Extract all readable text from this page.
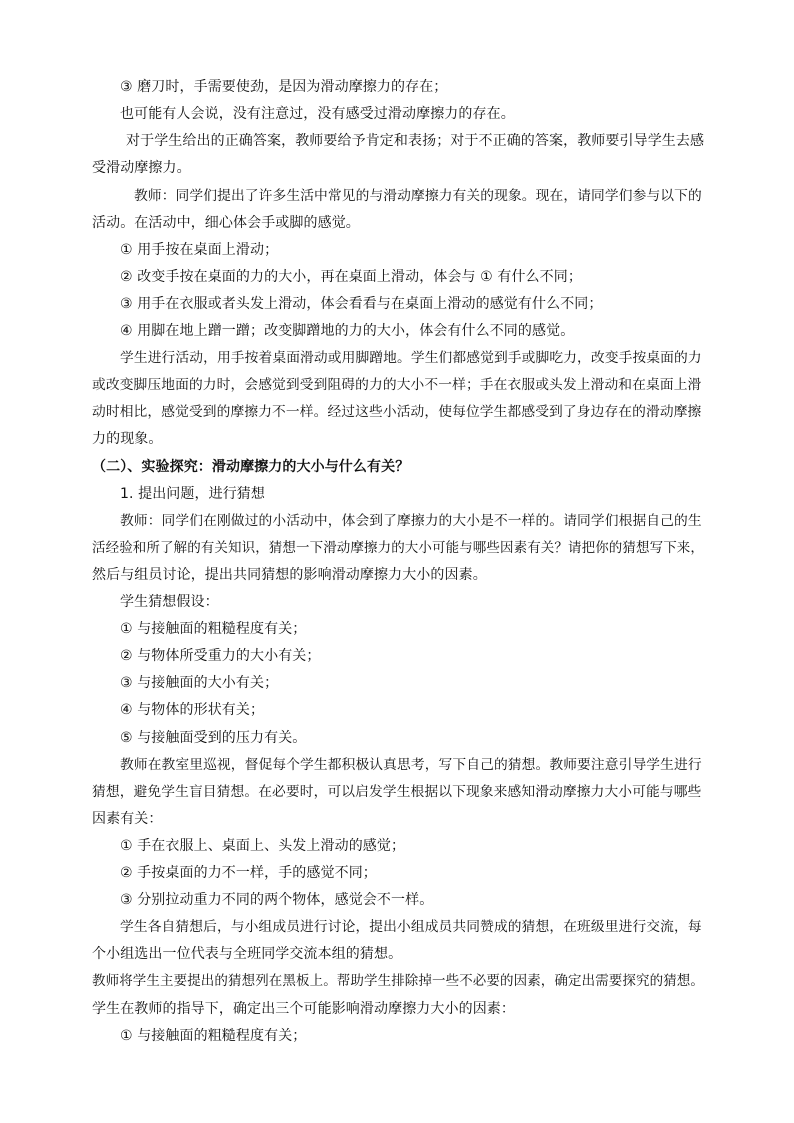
③ 磨刀时，手需要使劲，是因为滑动摩擦力的存在；
也可能有人会说，没有注意过，没有感受过滑动摩擦力的存在。
对于学生给出的正确答案，教师要给予肯定和表扬；对于不正确的答案，教师要引导学生去感
受滑动摩擦力。
教师：同学们提出了许多生活中常见的与滑动摩擦力有关的现象。现在，请同学们参与以下的
活动。在活动中，细心体会手或脚的感觉。
① 用手按在桌面上滑动；
② 改变手按在桌面的力的大小，再在桌面上滑动，体会与 ① 有什么不同；
③ 用手在衣服或者头发上滑动，体会看看与在桌面上滑动的感觉有什么不同；
④ 用脚在地上蹭一蹭；改变脚蹭地的力的大小，体会有什么不同的感觉。
学生进行活动，用手按着桌面滑动或用脚蹭地。学生们都感觉到手或脚吃力，改变手按桌面的力
或改变脚压地面的力时，会感觉到受到阻碍的力的大小不一样；手在衣服或头发上滑动和在桌面上滑
动时相比，感觉受到的摩擦力不一样。经过这些小活动，使每位学生都感受到了身边存在的滑动摩擦
力的现象。
（二）、实验探究：滑动摩擦力的大小与什么有关？
1. 提出问题，进行猜想
教师：同学们在刚做过的小活动中，体会到了摩擦力的大小是不一样的。请同学们根据自己的生
活经验和所了解的有关知识，猜想一下滑动摩擦力的大小可能与哪些因素有关？请把你的猜想写下来，
然后与组员讨论，提出共同猜想的影响滑动摩擦力大小的因素。
学生猜想假设：
① 与接触面的粗糙程度有关；
② 与物体所受重力的大小有关；
③ 与接触面的大小有关；
④ 与物体的形状有关；
⑤ 与接触面受到的压力有关。
教师在教室里巡视，督促每个学生都积极认真思考，写下自己的猜想。教师要注意引导学生进行
猜想，避免学生盲目猜想。在必要时，可以启发学生根据以下现象来感知滑动摩擦力大小可能与哪些
因素有关：
① 手在衣服上、桌面上、头发上滑动的感觉；
② 手按桌面的力不一样，手的感觉不同；
③ 分别拉动重力不同的两个物体，感觉会不一样。
学生各自猜想后，与小组成员进行讨论，提出小组成员共同赞成的猜想，在班级里进行交流，每
个小组选出一位代表与全班同学交流本组的猜想。
教师将学生主要提出的猜想列在黑板上。帮助学生排除掉一些不必要的因素，确定出需要探究的猜想。
学生在教师的指导下，确定出三个可能影响滑动摩擦力大小的因素：
① 与接触面的粗糙程度有关；
